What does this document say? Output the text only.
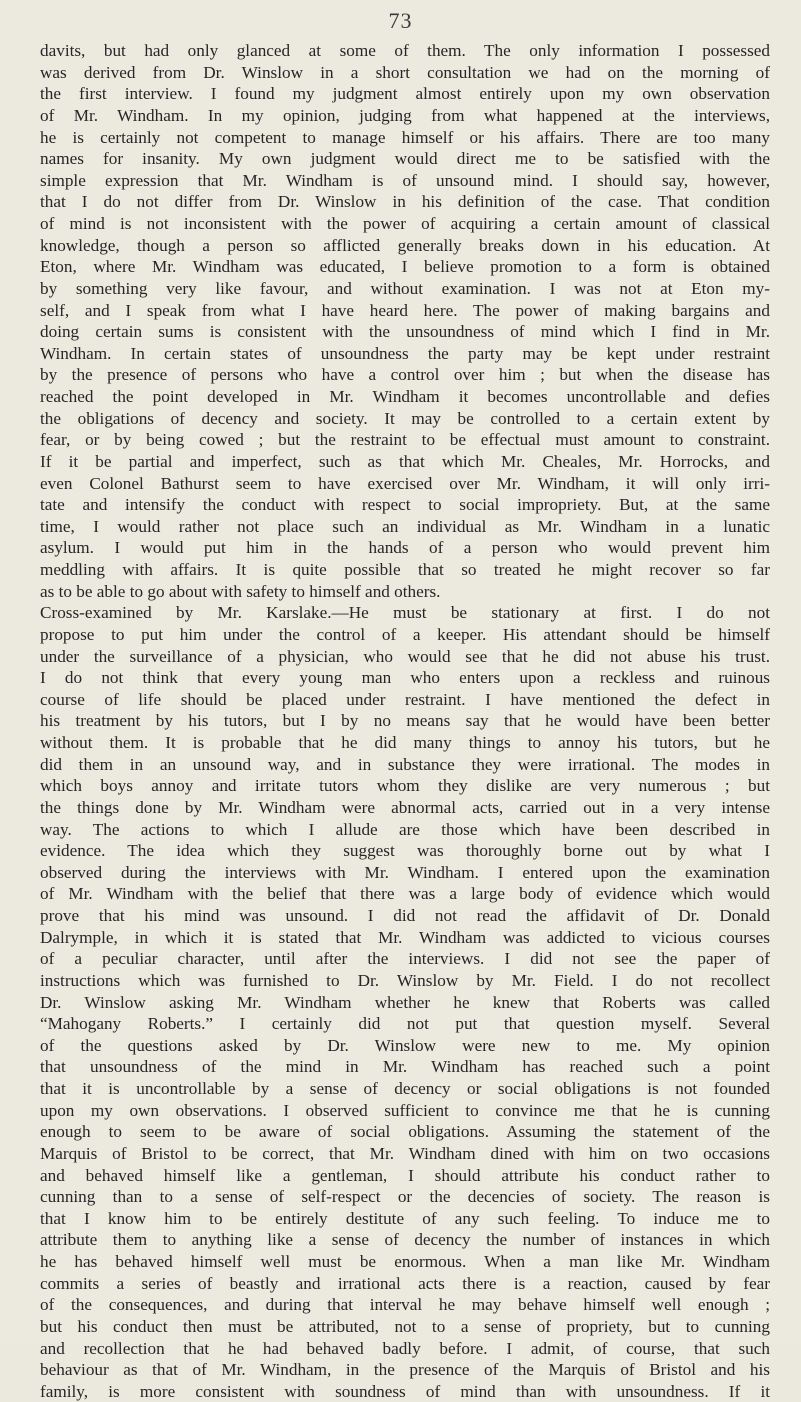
73
davits, but had only glanced at some of them. The only information I possessed
was derived from Dr. Winslow in a short consultation we had on the morning of
the first interview. I found my judgment almost entirely upon my own observation
of Mr. Windham. In my opinion, judging from what happened at the interviews,
he is certainly not competent to manage himself or his affairs. There are too many
names for insanity. My own judgment would direct me to be satisfied with the
simple expression that Mr. Windham is of unsound mind. I should say, however,
that I do not differ from Dr. Winslow in his definition of the case. That condition
of mind is not inconsistent with the power of acquiring a certain amount of classical
knowledge, though a person so afflicted generally breaks down in his education. At
Eton, where Mr. Windham was educated, I believe promotion to a form is obtained
by something very like favour, and without examination. I was not at Eton my-
self, and I speak from what I have heard here. The power of making bargains and
doing certain sums is consistent with the unsoundness of mind which I find in Mr.
Windham. In certain states of unsoundness the party may be kept under restraint
by the presence of persons who have a control over him ; but when the disease has
reached the point developed in Mr. Windham it becomes uncontrollable and defies
the obligations of decency and society. It may be controlled to a certain extent by
fear, or by being cowed ; but the restraint to be effectual must amount to constraint.
If it be partial and imperfect, such as that which Mr. Cheales, Mr. Horrocks, and
even Colonel Bathurst seem to have exercised over Mr. Windham, it will only irri-
tate and intensify the conduct with respect to social impropriety. But, at the same
time, I would rather not place such an individual as Mr. Windham in a lunatic
asylum. I would put him in the hands of a person who would prevent him
meddling with affairs. It is quite possible that so treated he might recover so far
as to be able to go about with safety to himself and others.
Cross-examined by Mr. Karslake.—He must be stationary at first. I do not
propose to put him under the control of a keeper. His attendant should be himself
under the surveillance of a physician, who would see that he did not abuse his trust.
I do not think that every young man who enters upon a reckless and ruinous
course of life should be placed under restraint. I have mentioned the defect in
his treatment by his tutors, but I by no means say that he would have been better
without them. It is probable that he did many things to annoy his tutors, but he
did them in an unsound way, and in substance they were irrational. The modes in
which boys annoy and irritate tutors whom they dislike are very numerous ; but
the things done by Mr. Windham were abnormal acts, carried out in a very intense
way. The actions to which I allude are those which have been described in
evidence. The idea which they suggest was thoroughly borne out by what I
observed during the interviews with Mr. Windham. I entered upon the examination
of Mr. Windham with the belief that there was a large body of evidence which would
prove that his mind was unsound. I did not read the affidavit of Dr. Donald
Dalrymple, in which it is stated that Mr. Windham was addicted to vicious courses
of a peculiar character, until after the interviews. I did not see the paper of
instructions which was furnished to Dr. Winslow by Mr. Field. I do not recollect
Dr. Winslow asking Mr. Windham whether he knew that Roberts was called
“Mahogany Roberts.” I certainly did not put that question myself. Several
of the questions asked by Dr. Winslow were new to me. My opinion
that unsoundness of the mind in Mr. Windham has reached such a point
that it is uncontrollable by a sense of decency or social obligations is not founded
upon my own observations. I observed sufficient to convince me that he is cunning
enough to seem to be aware of social obligations. Assuming the statement of the
Marquis of Bristol to be correct, that Mr. Windham dined with him on two occasions
and behaved himself like a gentleman, I should attribute his conduct rather to
cunning than to a sense of self-respect or the decencies of society. The reason is
that I know him to be entirely destitute of any such feeling. To induce me to
attribute them to anything like a sense of decency the number of instances in which
he has behaved himself well must be enormous. When a man like Mr. Windham
commits a series of beastly and irrational acts there is a reaction, caused by fear
of the consequences, and during that interval he may behave himself well enough ;
but his conduct then must be attributed, not to a sense of propriety, but to cunning
and recollection that he had behaved badly before. I admit, of course, that such
behaviour as that of Mr. Windham, in the presence of the Marquis of Bristol and his
family, is more consistent with soundness of mind than with unsoundness. If it
